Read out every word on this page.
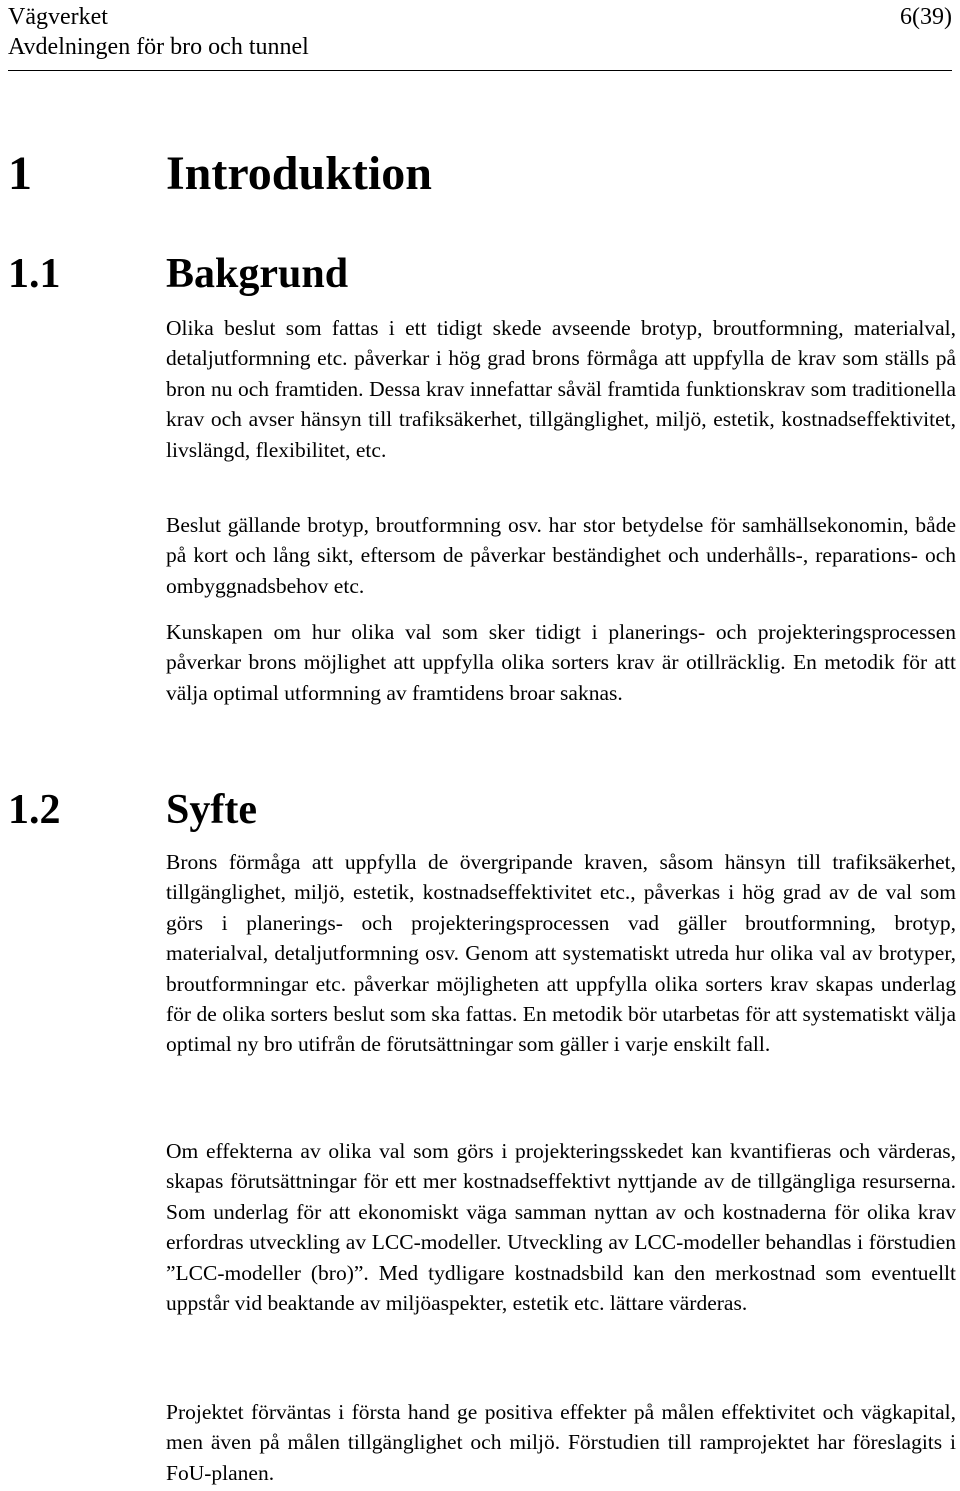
Vägverket
Avdelningen för bro och tunnel
6(39)
1	Introduktion
1.1	Bakgrund

Olika beslut som fattas i ett tidigt skede avseende brotyp, broutformning, materialval, detaljutformning etc. påverkar i hög grad brons förmåga att uppfylla de krav som ställs på bron nu och framtiden. Dessa krav innefattar såväl framtida funktionskrav som traditionella krav och avser hänsyn till trafiksäkerhet, tillgänglighet, miljö, estetik, kostnadseffektivitet, livslängd, flexibilitet, etc.

Beslut gällande brotyp, broutformning osv. har stor betydelse för samhällsekonomin, både på kort och lång sikt, eftersom de påverkar beständighet och underhålls-, reparations- och ombyggnadsbehov etc.

Kunskapen om hur olika val som sker tidigt i planerings- och projekteringsprocessen påverkar brons möjlighet att uppfylla olika sorters krav är otillräcklig. En metodik för att välja optimal utformning av framtidens broar saknas.

1.2	Syfte

Brons förmåga att uppfylla de övergripande kraven, såsom hänsyn till trafiksäkerhet, tillgänglighet, miljö, estetik, kostnadseffektivitet etc., påverkas i hög grad av de val som görs i planerings- och projekteringsprocessen vad gäller broutformning, brotyp, materialval, detaljutformning osv. Genom att systematiskt utreda hur olika val av brotyper, broutformningar etc. påverkar möjligheten att uppfylla olika sorters krav skapas underlag för de olika sorters beslut som ska fattas. En metodik bör utarbetas för att systematiskt välja optimal ny bro utifrån de förutsättningar som gäller i varje enskilt fall.

Om effekterna av olika val som görs i projekteringsskedet kan kvantifieras och värderas, skapas förutsättningar för ett mer kostnadseffektivt nyttjande av de tillgängliga resurserna. Som underlag för att ekonomiskt väga samman nyttan av och kostnaderna för olika krav erfordras utveckling av LCC-modeller. Utveckling av LCC-modeller behandlas i förstudien ”LCC-modeller (bro)”. Med tydligare kostnadsbild kan den merkostnad som eventuellt uppstår vid beaktande av miljöaspekter, estetik etc. lättare värderas.

Projektet förväntas i första hand ge positiva effekter på målen effektivitet och vägkapital, men även på målen tillgänglighet och miljö. Förstudien till ramprojektet har föreslagits i FoU-planen.
